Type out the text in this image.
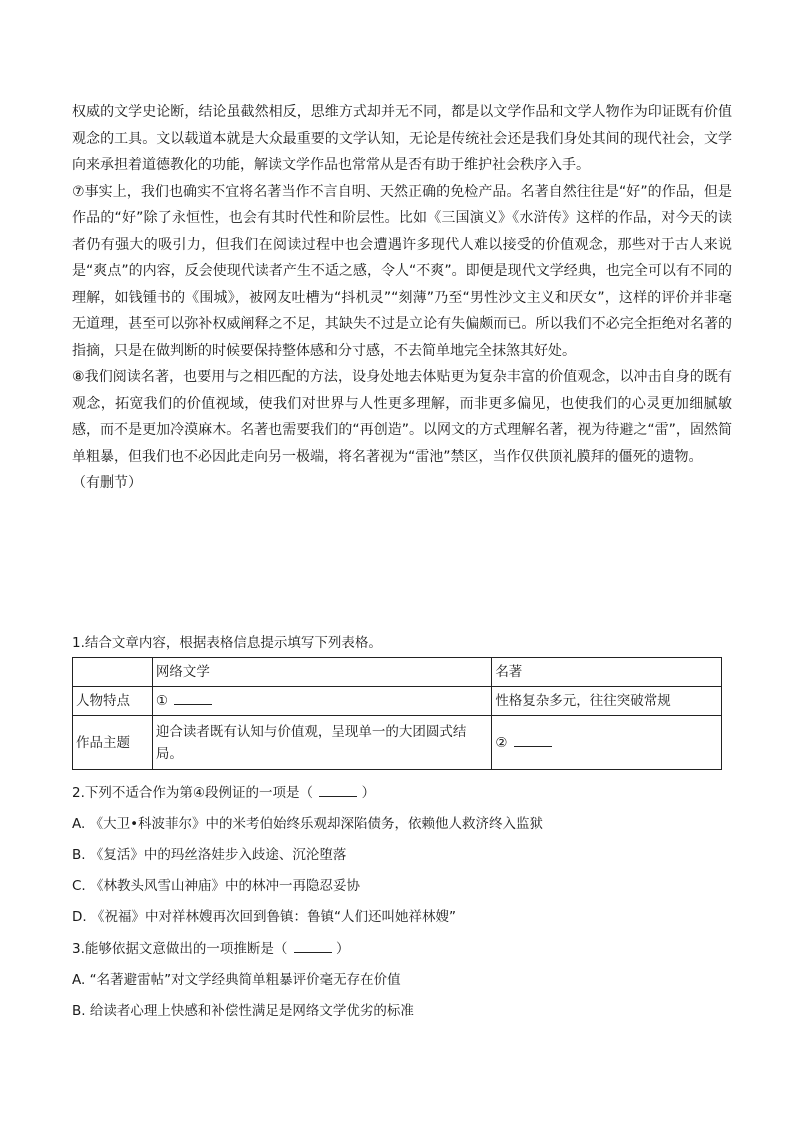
权威的文学史论断，结论虽截然相反，思维方式却并无不同，都是以文学作品和文学人物作为印证既有价值观念的工具。文以载道本就是大众最重要的文学认知，无论是传统社会还是我们身处其间的现代社会，文学向来承担着道德教化的功能，解读文学作品也常常从是否有助于维护社会秩序入手。

⑦事实上，我们也确实不宜将名著当作不言自明、天然正确的免检产品。名著自然往往是“好”的作品，但是作品的“好”除了永恒性，也会有其时代性和阶层性。比如《三国演义》《水浒传》这样的作品，对今天的读者仍有强大的吸引力，但我们在阅读过程中也会遭遇许多现代人难以接受的价值观念，那些对于古人来说是“爽点”的内容，反会使现代读者产生不适之感，令人“不爽”。即便是现代文学经典，也完全可以有不同的理解，如钱锺书的《围城》，被网友吐槽为“抖机灵”“刻薄”乃至“男性沙文主义和厌女”，这样的评价并非毫无道理，甚至可以弥补权威阐释之不足，其缺失不过是立论有失偏颇而已。所以我们不必完全拒绝对名著的指摘，只是在做判断的时候要保持整体感和分寸感，不去简单地完全抹煞其好处。

⑧我们阅读名著，也要用与之相匹配的方法，设身处地去体贴更为复杂丰富的价值观念，以冲击自身的既有观念，拓宽我们的价值视域，使我们对世界与人性更多理解，而非更多偏见，也使我们的心灵更加细腻敏感，而不是更加冷漠麻木。名著也需要我们的“再创造”。以网文的方式理解名著，视为待避之“雷”，固然简单粗暴，但我们也不必因此走向另一极端，将名著视为“雷池”禁区，当作仅供顶礼膜拜的僵死的遗物。

（有删节）

1.结合文章内容，根据表格信息提示填写下列表格。
	网络文学	名著
人物特点	①	性格复杂多元，往往突破常规
作品主题	迎合读者既有认知与价值观，呈现单一的大团圆式结局。	②
2.下列不适合作为第④段例证的一项是（	）
A. 《大卫•科波菲尔》中的米考伯始终乐观却深陷债务，依赖他人救济终入监狱
B. 《复活》中的玛丝洛娃步入歧途、沉沦堕落
C. 《林教头风雪山神庙》中的林冲一再隐忍妥协
D. 《祝福》中对祥林嫂再次回到鲁镇：鲁镇“人们还叫她祥林嫂”
3.能够依据文意做出的一项推断是（	）
A. “名著避雷帖”对文学经典简单粗暴评价毫无存在价值
B. 给读者心理上快感和补偿性满足是网络文学优劣的标准
